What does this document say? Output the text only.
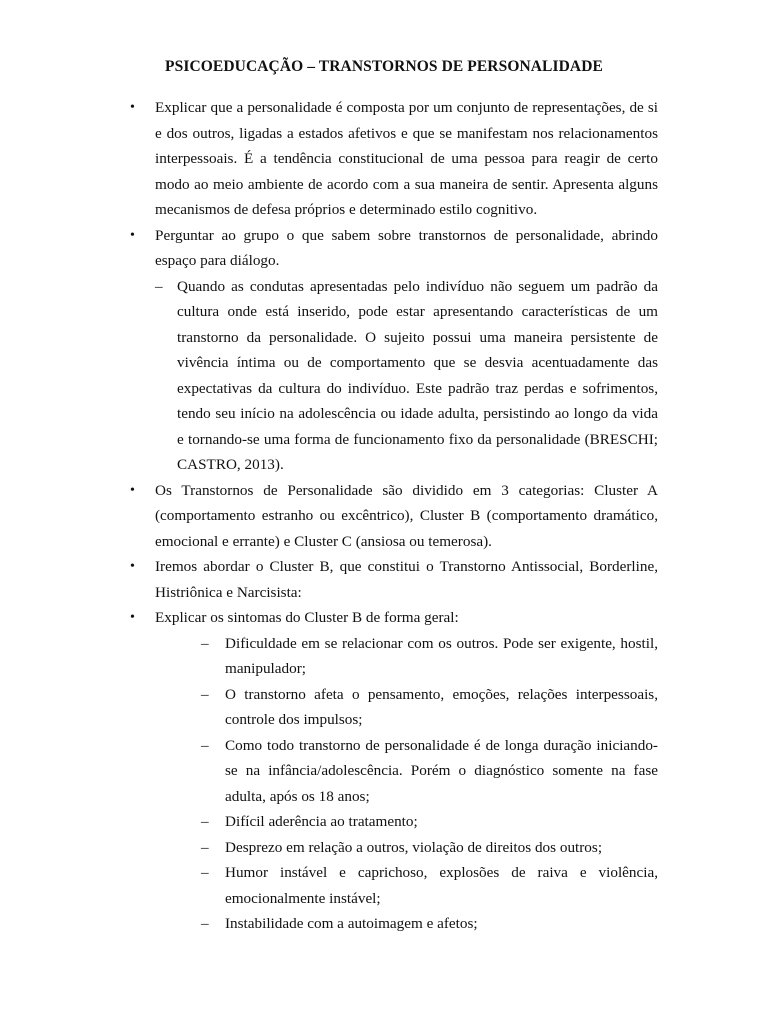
PSICOEDUCAÇÃO – TRANSTORNOS DE PERSONALIDADE
• Explicar que a personalidade é composta por um conjunto de representações, de si e dos outros, ligadas a estados afetivos e que se manifestam nos relacionamentos interpessoais. É a tendência constitucional de uma pessoa para reagir de certo modo ao meio ambiente de acordo com a sua maneira de sentir. Apresenta alguns mecanismos de defesa próprios e determinado estilo cognitivo.
• Perguntar ao grupo o que sabem sobre transtornos de personalidade, abrindo espaço para diálogo.
– Quando as condutas apresentadas pelo indivíduo não seguem um padrão da cultura onde está inserido, pode estar apresentando características de um transtorno da personalidade. O sujeito possui uma maneira persistente de vivência íntima ou de comportamento que se desvia acentuadamente das expectativas da cultura do indivíduo. Este padrão traz perdas e sofrimentos, tendo seu início na adolescência ou idade adulta, persistindo ao longo da vida e tornando-se uma forma de funcionamento fixo da personalidade (BRESCHI; CASTRO, 2013).
• Os Transtornos de Personalidade são dividido em 3 categorias: Cluster A (comportamento estranho ou excêntrico), Cluster B (comportamento dramático, emocional e errante) e Cluster C (ansiosa ou temerosa).
• Iremos abordar o Cluster B, que constitui o Transtorno Antissocial, Borderline, Histriônica e Narcisista:
• Explicar os sintomas do Cluster B de forma geral:
– Dificuldade em se relacionar com os outros. Pode ser exigente, hostil, manipulador;
– O transtorno afeta o pensamento, emoções, relações interpessoais, controle dos impulsos;
– Como todo transtorno de personalidade é de longa duração iniciando-se na infância/adolescência. Porém o diagnóstico somente na fase adulta, após os 18 anos;
– Difícil aderência ao tratamento;
– Desprezo em relação a outros, violação de direitos dos outros;
– Humor instável e caprichoso, explosões de raiva e violência, emocionalmente instável;
– Instabilidade com a autoimagem e afetos;
